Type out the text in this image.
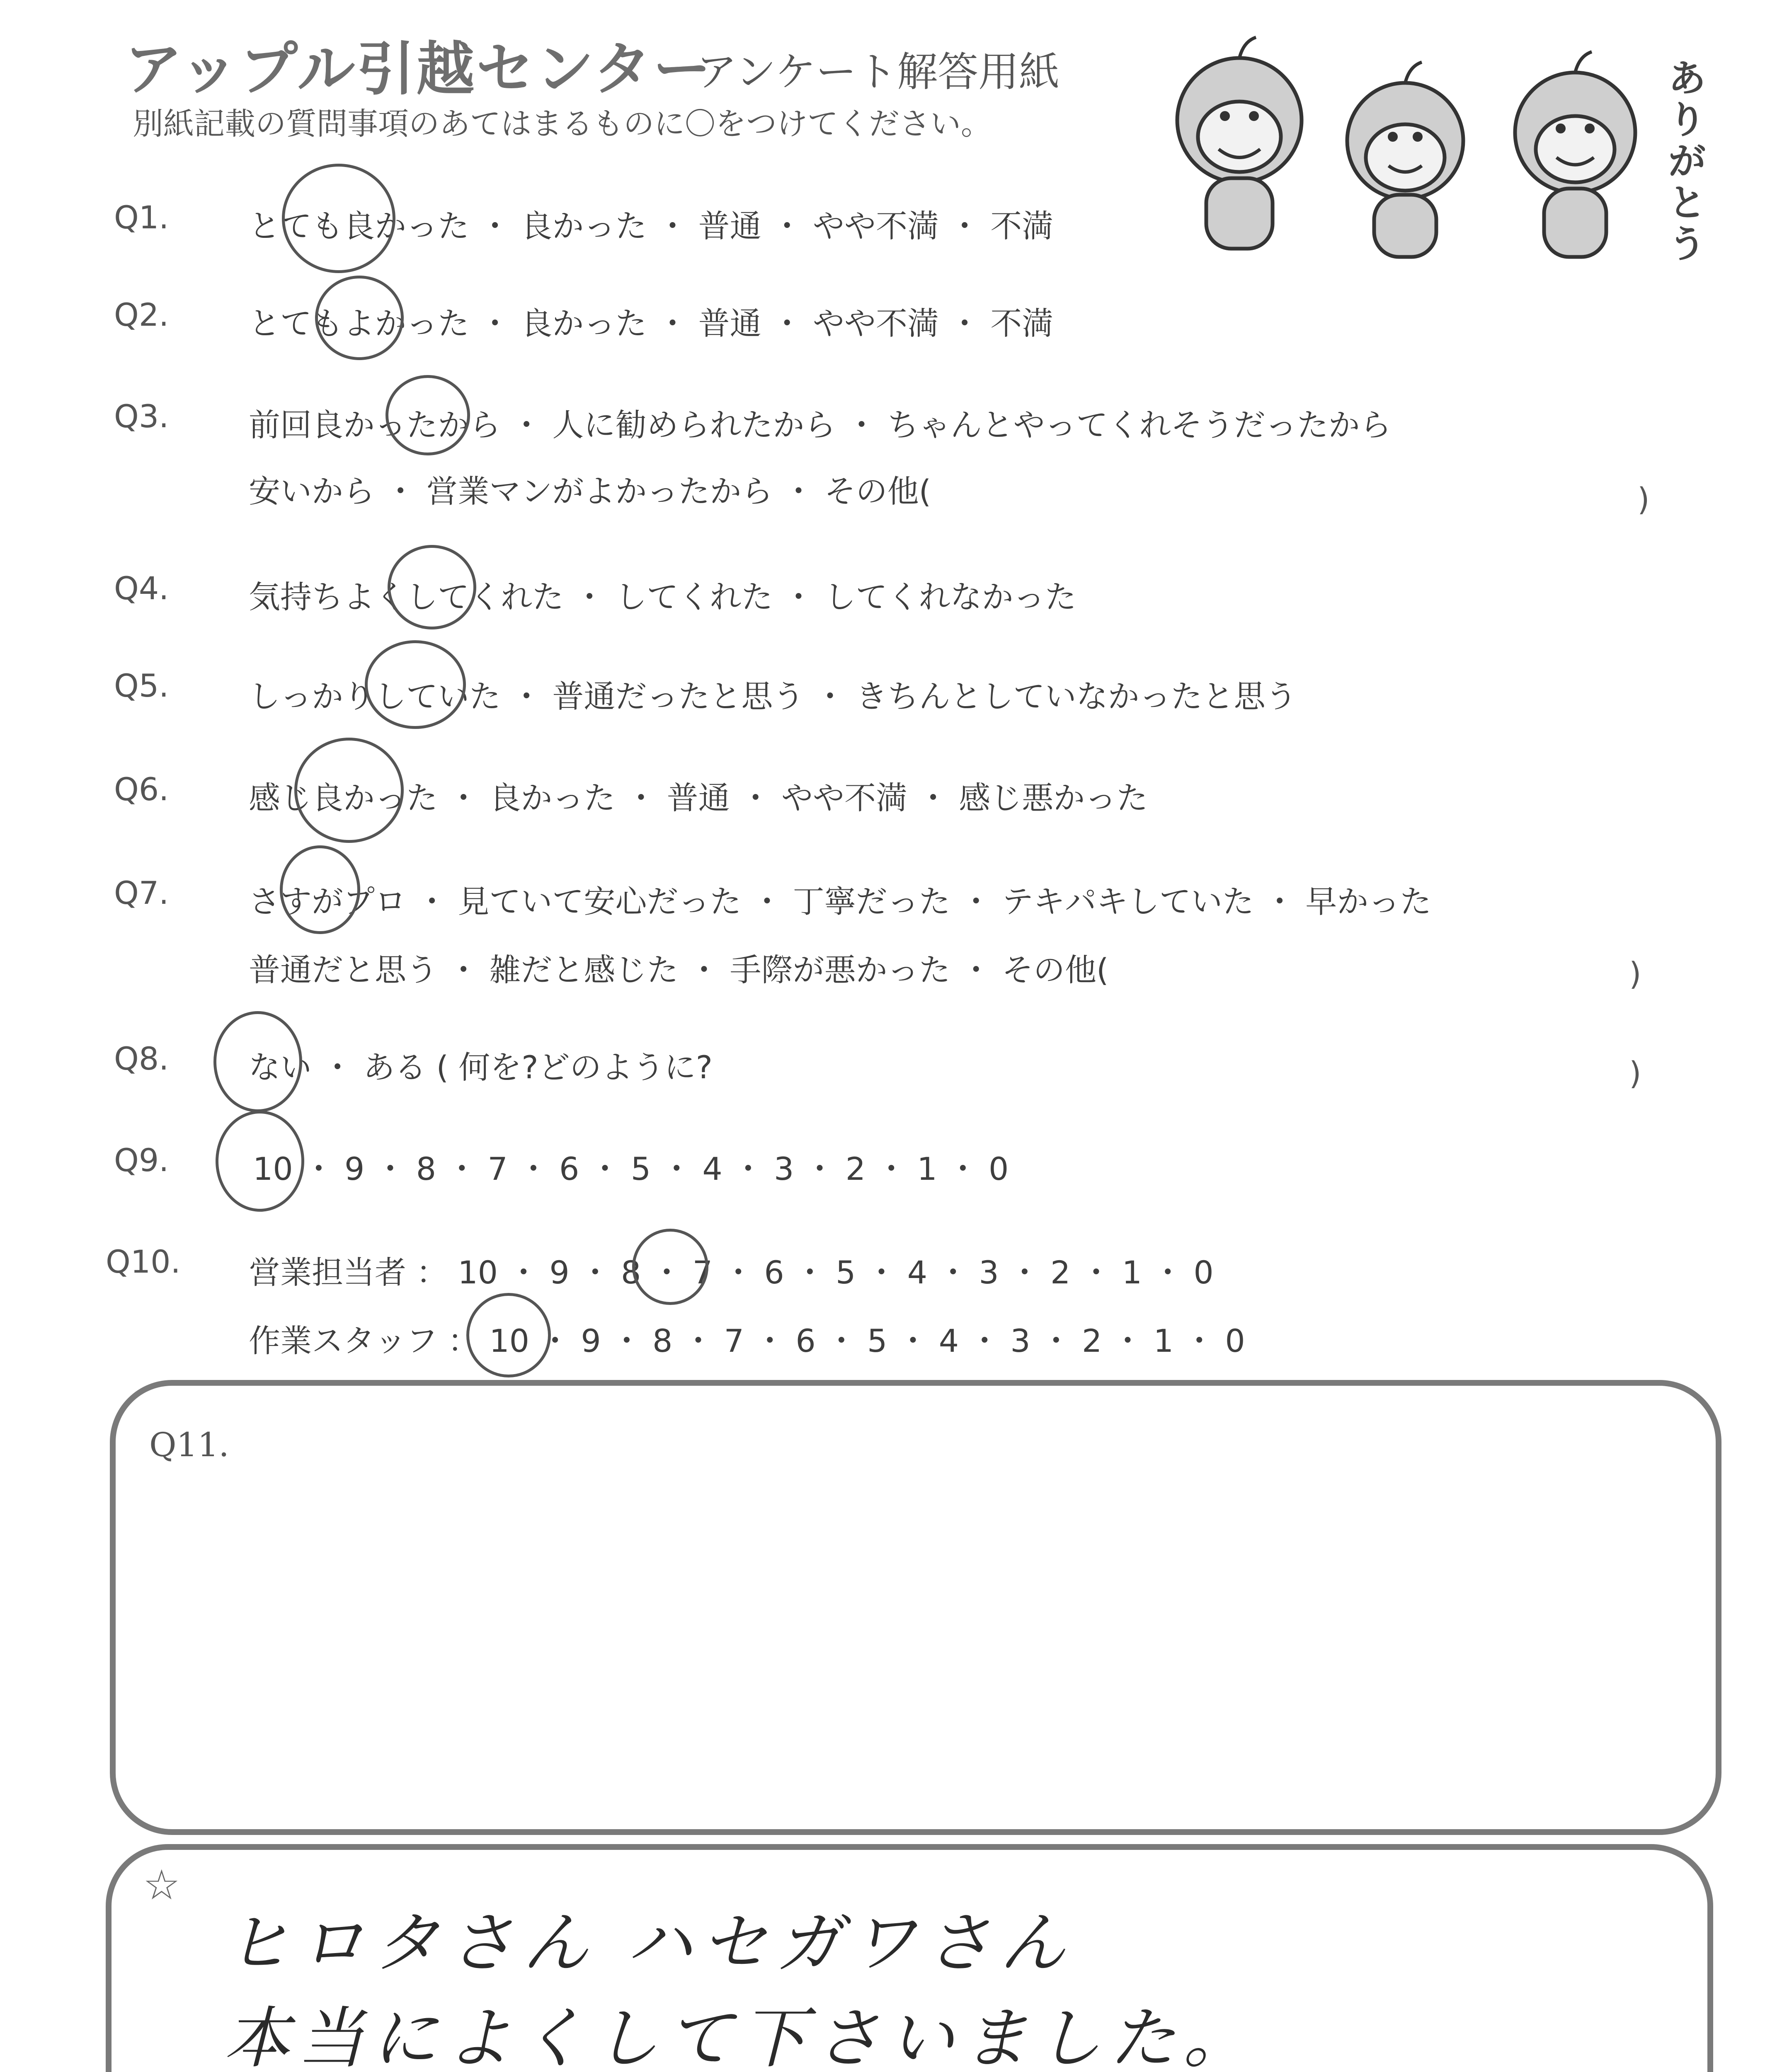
アップル引越センター
アンケート解答用紙
別紙記載の質問事項のあてはまるものに〇をつけてください。
ありがとう
Q1.	とても良かった ・ 良かった ・ 普通 ・ やや不満 ・ 不満
Q2.	とてもよかった ・ 良かった ・ 普通 ・ やや不満 ・ 不満
Q3.	前回良かったから ・ 人に勧められたから ・ ちゃんとやってくれそうだったから
安いから ・ 営業マンがよかったから ・ その他(	)
Q4.	気持ちよくしてくれた ・ してくれた ・ してくれなかった
Q5.	しっかりしていた ・ 普通だったと思う ・ きちんとしていなかったと思う
Q6.	感じ良かった ・ 良かった ・ 普通 ・ やや不満 ・ 感じ悪かった
Q7.	さすがプロ ・ 見ていて安心だった ・ 丁寧だった ・ テキパキしていた ・ 早かった
普通だと思う ・ 雑だと感じた ・ 手際が悪かった ・ その他(	)
Q8.	ない ・ ある ( 何を?どのように?	)
Q9.	10 ・ 9 ・ 8 ・ 7 ・ 6 ・ 5 ・ 4 ・ 3 ・ 2 ・ 1 ・ 0
Q10. 営業担当者 ： 10 ・ 9 ・ 8 ・ 7 ・ 6 ・ 5 ・ 4 ・ 3 ・ 2 ・ 1 ・ 0
作業スタッフ ： 10 ・ 9 ・ 8 ・ 7 ・ 6 ・ 5 ・ 4 ・ 3 ・ 2 ・ 1 ・ 0
Q11.
☆
ヒロタさん ハセガワさん
本当によくして下さいました。
